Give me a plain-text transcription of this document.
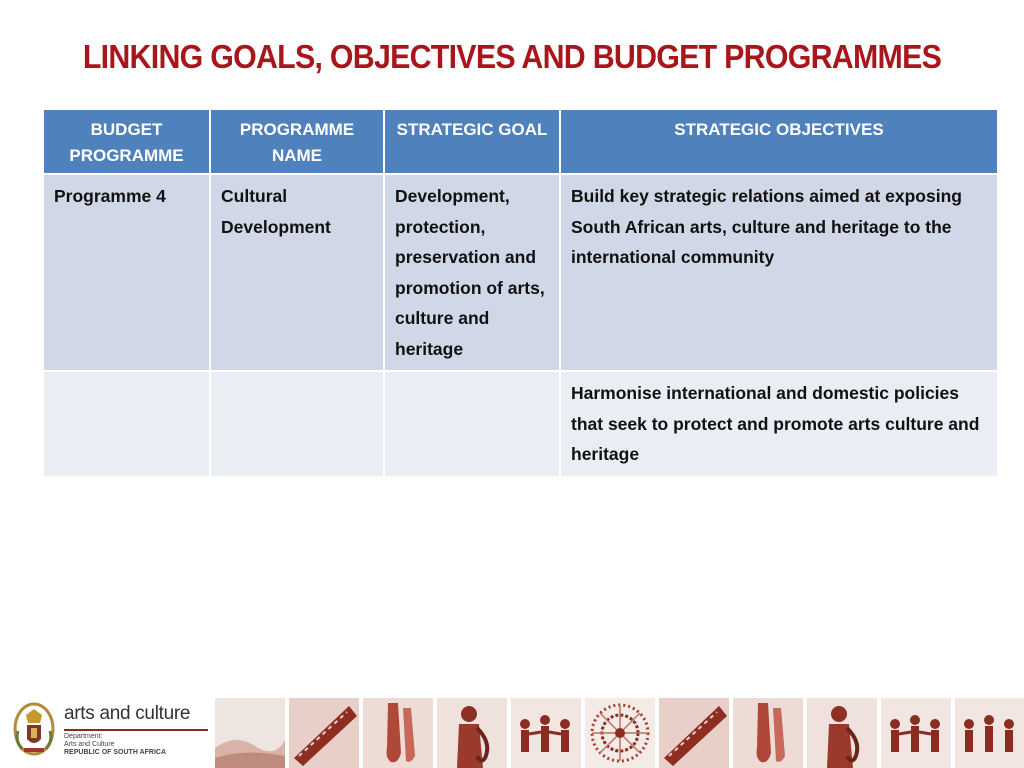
LINKING GOALS, OBJECTIVES AND BUDGET PROGRAMMES
BUDGET PROGRAMME	PROGRAMME NAME	STRATEGIC GOAL	STRATEGIC OBJECTIVES
Programme 4	Cultural Development	Development, protection, preservation and promotion of arts, culture and heritage	Build key strategic relations aimed at exposing South African arts, culture and heritage to the international community
			Harmonise international and domestic policies that seek to protect and promote arts culture and heritage
arts and culture
Department:
Arts and Culture
REPUBLIC OF SOUTH AFRICA
